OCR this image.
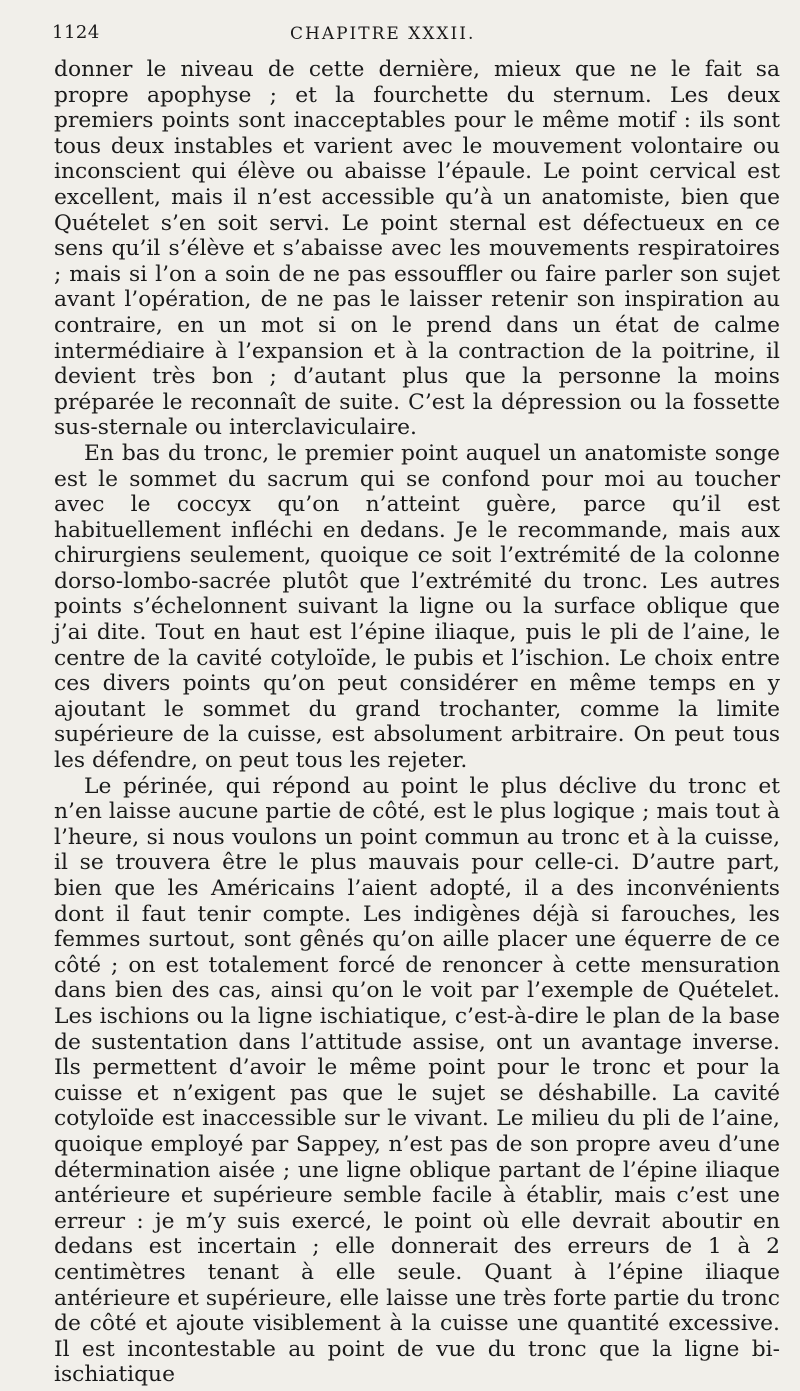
1124	CHAPITRE XXXII.

donner le niveau de cette dernière, mieux que ne le fait sa propre apophyse ; et la fourchette du sternum. Les deux premiers points sont inacceptables pour le même motif : ils sont tous deux instables et varient avec le mouvement volontaire ou inconscient qui élève ou abaisse l’épaule. Le point cervical est excellent, mais il n’est accessible qu’à un anatomiste, bien que Quételet s’en soit servi. Le point sternal est défectueux en ce sens qu’il s’élève et s’abaisse avec les mouvements respiratoires ; mais si l’on a soin de ne pas essouffler ou faire parler son sujet avant l’opération, de ne pas le laisser retenir son inspiration au contraire, en un mot si on le prend dans un état de calme intermédiaire à l’expansion et à la contraction de la poitrine, il devient très bon ; d’autant plus que la personne la moins préparée le reconnaît de suite. C’est la dépression ou la fossette sus-sternale ou interclaviculaire.

En bas du tronc, le premier point auquel un anatomiste songe est le sommet du sacrum qui se confond pour moi au toucher avec le coccyx qu’on n’atteint guère, parce qu’il est habituellement infléchi en dedans. Je le recommande, mais aux chirurgiens seulement, quoique ce soit l’extrémité de la colonne dorso-lombo-sacrée plutôt que l’extrémité du tronc. Les autres points s’échelonnent suivant la ligne ou la surface oblique que j’ai dite. Tout en haut est l’épine iliaque, puis le pli de l’aine, le centre de la cavité cotyloïde, le pubis et l’ischion. Le choix entre ces divers points qu’on peut considérer en même temps en y ajoutant le sommet du grand trochanter, comme la limite supérieure de la cuisse, est absolument arbitraire. On peut tous les défendre, on peut tous les rejeter.

Le périnée, qui répond au point le plus déclive du tronc et n’en laisse aucune partie de côté, est le plus logique ; mais tout à l’heure, si nous voulons un point commun au tronc et à la cuisse, il se trouvera être le plus mauvais pour celle-ci. D’autre part, bien que les Américains l’aient adopté, il a des inconvénients dont il faut tenir compte. Les indigènes déjà si farouches, les femmes surtout, sont gênés qu’on aille placer une équerre de ce côté ; on est totalement forcé de renoncer à cette mensuration dans bien des cas, ainsi qu’on le voit par l’exemple de Quételet. Les ischions ou la ligne ischiatique, c’est-à-dire le plan de la base de sustentation dans l’attitude assise, ont un avantage inverse. Ils permettent d’avoir le même point pour le tronc et pour la cuisse et n’exigent pas que le sujet se déshabille. La cavité cotyloïde est inaccessible sur le vivant. Le milieu du pli de l’aine, quoique employé par Sappey, n’est pas de son propre aveu d’une détermination aisée ; une ligne oblique partant de l’épine iliaque antérieure et supérieure semble facile à établir, mais c’est une erreur : je m’y suis exercé, le point où elle devrait aboutir en dedans est incertain ; elle donnerait des erreurs de 1 à 2 centimètres tenant à elle seule. Quant à l’épine iliaque antérieure et supérieure, elle laisse une très forte partie du tronc de côté et ajoute visiblement à la cuisse une quantité excessive. Il est incontestable au point de vue du tronc que la ligne bi-ischiatique
